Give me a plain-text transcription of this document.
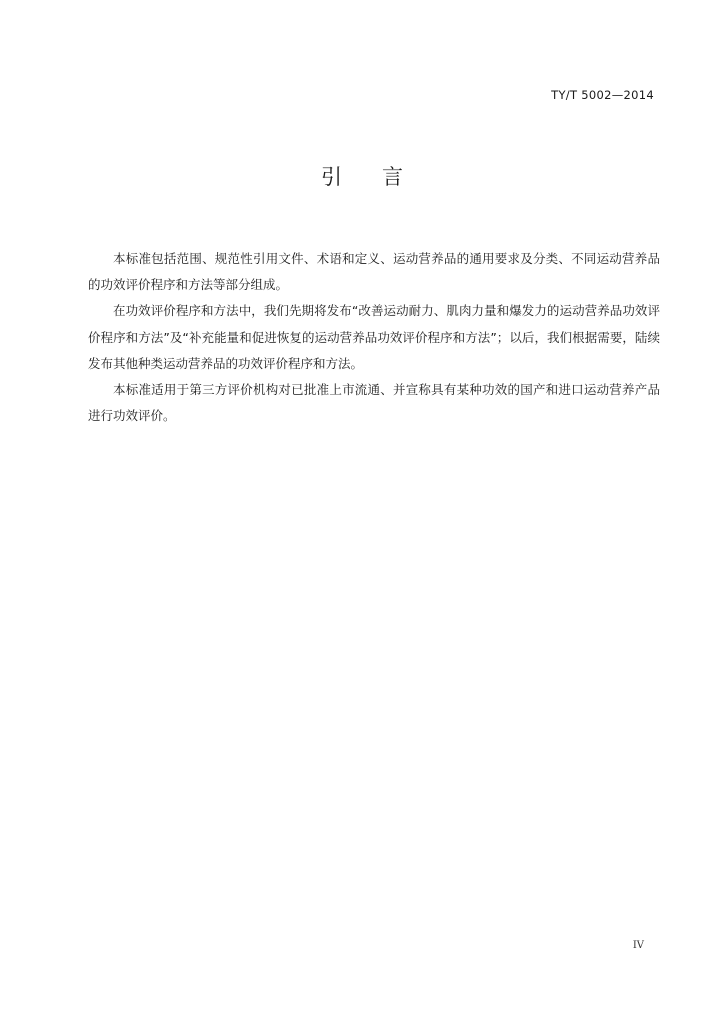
TY/T 5002—2014
引 言

本标准包括范围、规范性引用文件、术语和定义、运动营养品的通用要求及分类、不同运动营养品的功效评价程序和方法等部分组成。

在功效评价程序和方法中，我们先期将发布“改善运动耐力、肌肉力量和爆发力的运动营养品功效评价程序和方法”及“补充能量和促进恢复的运动营养品功效评价程序和方法”；以后，我们根据需要，陆续发布其他种类运动营养品的功效评价程序和方法。

本标准适用于第三方评价机构对已批准上市流通、并宣称具有某种功效的国产和进口运动营养产品进行功效评价。

IV
